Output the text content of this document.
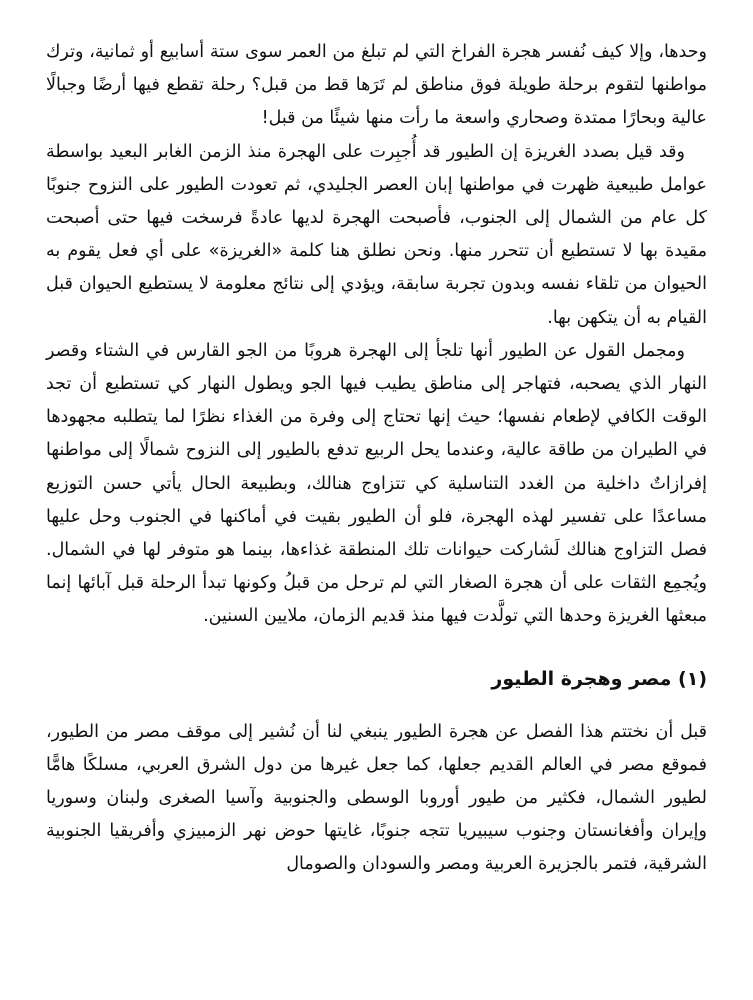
وحدها، وإلا كيف نُفسر هجرة الفراخ التي لم تبلغ من العمر سوى ستة أسابيع أو ثمانية، وترك مواطنها لتقوم برحلة طويلة فوق مناطق لم تَرَها قط من قبل؟ رحلة تقطع فيها أرضًا وجبالًا عالية وبحارًا ممتدة وصحاري واسعة ما رأت منها شيئًا من قبل!

وقد قيل بصدد الغريزة إن الطيور قد أُجبِرت على الهجرة منذ الزمن الغابر البعيد بواسطة عوامل طبيعية ظهرت في مواطنها إبان العصر الجليدي، ثم تعودت الطيور على النزوح جنوبًا كل عام من الشمال إلى الجنوب، فأصبحت الهجرة لديها عادةً فرسخت فيها حتى أصبحت مقيدة بها لا تستطيع أن تتحرر منها. ونحن نطلق هنا كلمة «الغريزة» على أي فعل يقوم به الحيوان من تلقاء نفسه وبدون تجربة سابقة، ويؤدي إلى نتائج معلومة لا يستطيع الحيوان قبل القيام به أن يتكهن بها.

ومجمل القول عن الطيور أنها تلجأ إلى الهجرة هروبًا من الجو القارس في الشتاء وقصر النهار الذي يصحبه، فتهاجر إلى مناطق يطيب فيها الجو ويطول النهار كي تستطيع أن تجد الوقت الكافي لإطعام نفسها؛ حيث إنها تحتاج إلى وفرة من الغذاء نظرًا لما يتطلبه مجهودها في الطيران من طاقة عالية، وعندما يحل الربيع تدفع بالطيور إلى النزوح شمالًا إلى مواطنها إفرازاتٌ داخلية من الغدد التناسلية كي تتزاوج هنالك، وبطبيعة الحال يأتي حسن التوزيع مساعدًا على تفسير لهذه الهجرة، فلو أن الطيور بقيت في أماكنها في الجنوب وحل عليها فصل التزاوج هنالك لَشاركت حيوانات تلك المنطقة غذاءها، بينما هو متوفر لها في الشمال. ويُجمِع الثقات على أن هجرة الصغار التي لم ترحل من قبلُ وكونها تبدأ الرحلة قبل آبائها إنما مبعثها الغريزة وحدها التي تولَّدت فيها منذ قديم الزمان، ملايين السنين.

(١) مصر وهجرة الطيور

قبل أن نختتم هذا الفصل عن هجرة الطيور ينبغي لنا أن نُشير إلى موقف مصر من الطيور، فموقع مصر في العالم القديم جعلها، كما جعل غيرها من دول الشرق العربي، مسلكًا هامًّا لطيور الشمال، فكثير من طيور أوروبا الوسطى والجنوبية وآسيا الصغرى ولبنان وسوريا وإيران وأفغانستان وجنوب سيبيريا تتجه جنوبًا، غايتها حوض نهر الزمبيزي وأفريقيا الجنوبية الشرقية، فتمر بالجزيرة العربية ومصر والسودان والصومال
